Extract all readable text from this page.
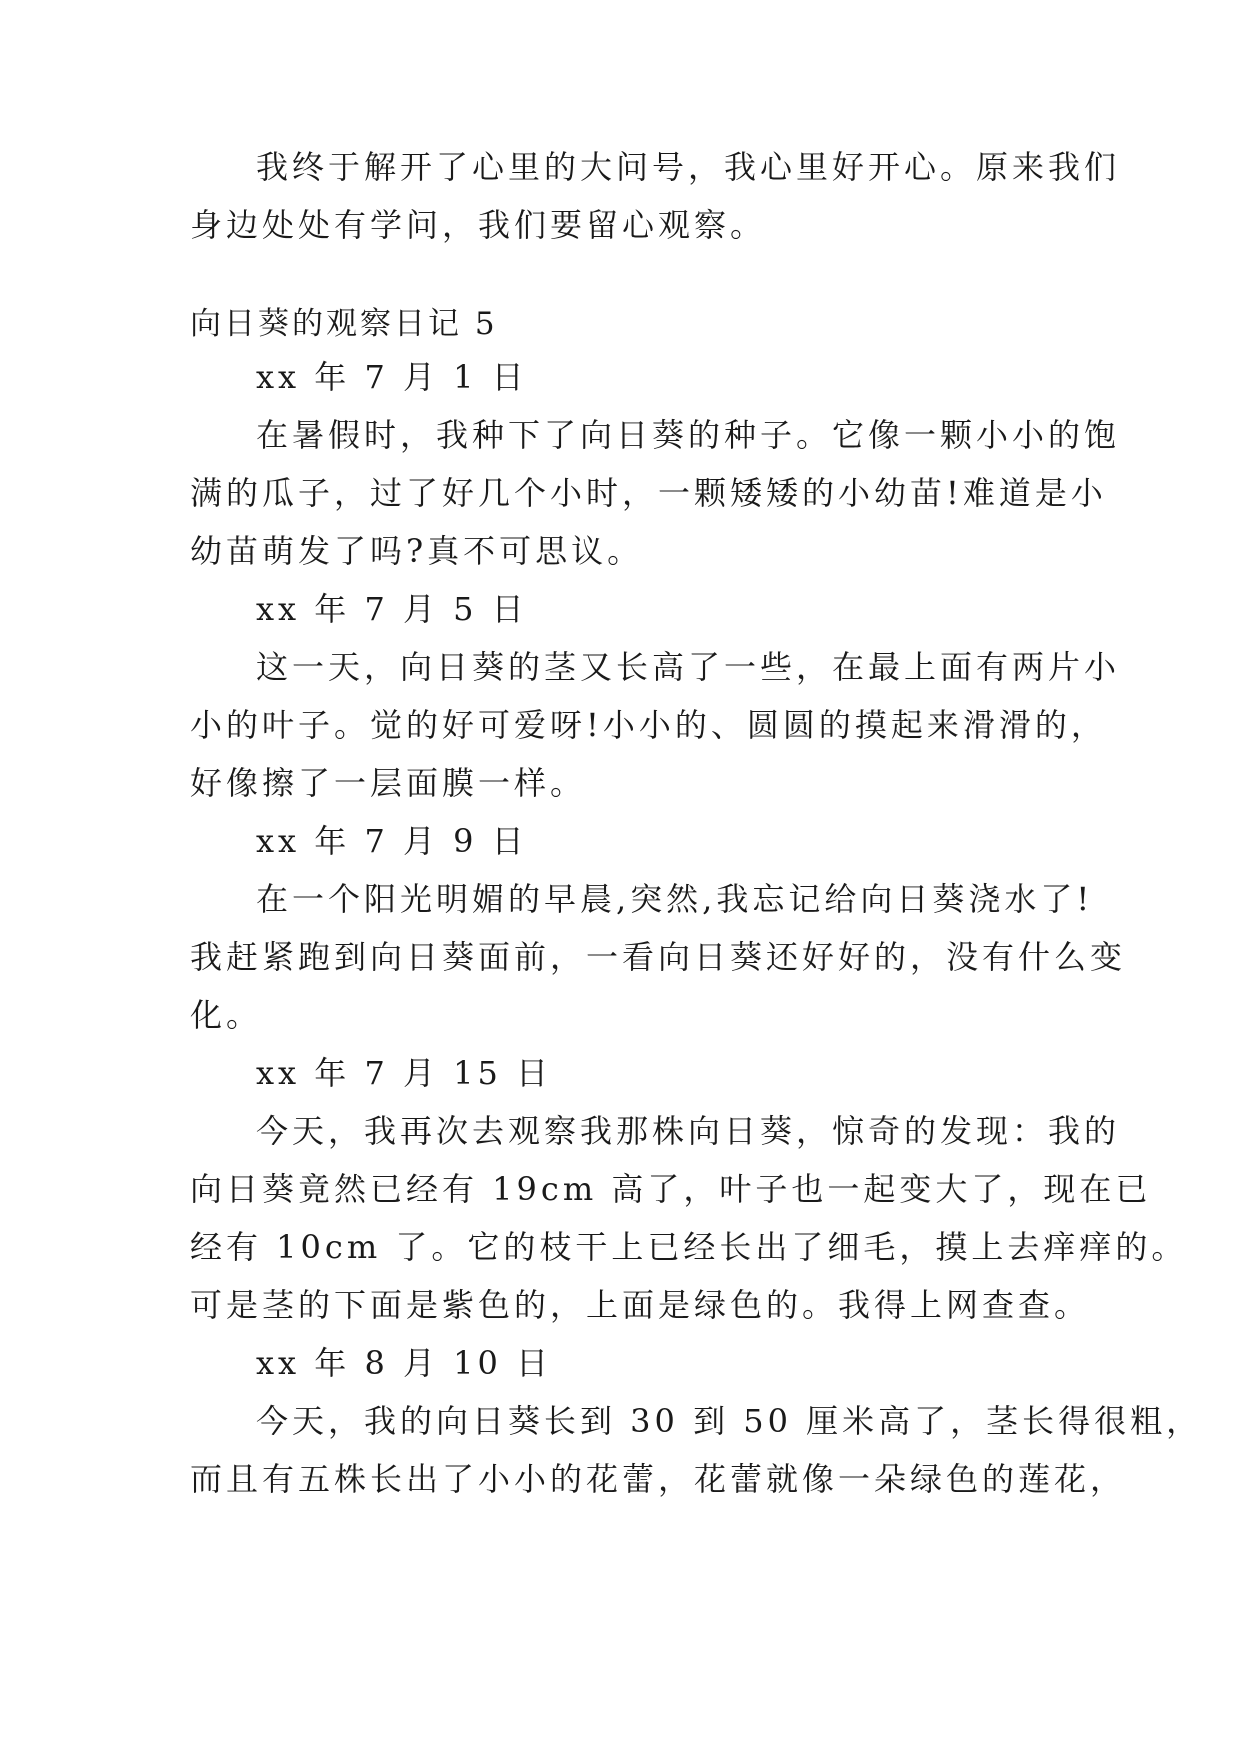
我终于解开了心里的大问号，我心里好开心。原来我们
身边处处有学问，我们要留心观察。
向日葵的观察日记 5
xx 年 7 月 1 日
在暑假时，我种下了向日葵的种子。它像一颗小小的饱
满的瓜子，过了好几个小时，一颗矮矮的小幼苗!难道是小
幼苗萌发了吗?真不可思议。
xx 年 7 月 5 日
这一天，向日葵的茎又长高了一些，在最上面有两片小
小的叶子。觉的好可爱呀!小小的、圆圆的摸起来滑滑的，
好像擦了一层面膜一样。
xx 年 7 月 9 日
在一个阳光明媚的早晨,突然,我忘记给向日葵浇水了!
我赶紧跑到向日葵面前，一看向日葵还好好的，没有什么变
化。
xx 年 7 月 15 日
今天，我再次去观察我那株向日葵，惊奇的发现：我的
向日葵竟然已经有 19cm 高了，叶子也一起变大了，现在已
经有 10cm 了。它的枝干上已经长出了细毛，摸上去痒痒的。
可是茎的下面是紫色的，上面是绿色的。我得上网查查。
xx 年 8 月 10 日
今天，我的向日葵长到 30 到 50 厘米高了，茎长得很粗，
而且有五株长出了小小的花蕾，花蕾就像一朵绿色的莲花，
